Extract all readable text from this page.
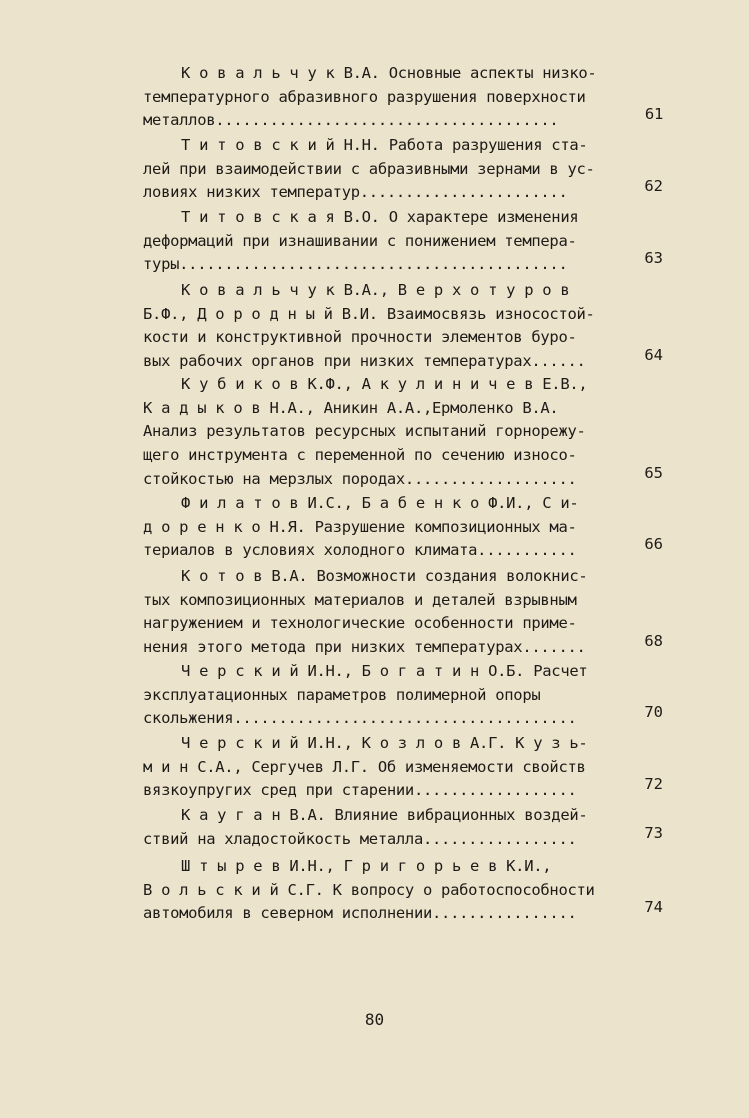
К о в а л ь ч у к В.А. Основные аспекты низко-
температурного абразивного разрушения поверхности
металлов......................................	61
Т и т о в с к и й Н.Н. Работа разрушения ста-
лей при взаимодействии с абразивными зернами в ус-
ловиях низких температур.......................	62
Т и т о в с к а я В.О. О характере изменения
деформаций при изнашивании с понижением темпера-
туры...........................................	63
К о в а л ь ч у к В.А., В е р х о т у р о в
Б.Ф., Д о р о д н ы й В.И. Взаимосвязь износостой-
кости и конструктивной прочности элементов буро-
вых рабочих органов при низких температурах......	64
К у б и к о в К.Ф., А к у л и н и ч е в Е.В.,
К а д ы к о в Н.А., Аникин А.А.,Ермоленко В.А.
Анализ результатов ресурсных испытаний горнорежу-
щего инструмента с переменной по сечению износо-
стойкостью на мерзлых породах...................	65
Ф и л а т о в И.С., Б а б е н к о Ф.И., С и-
д о р е н к о Н.Я. Разрушение композиционных ма-
териалов в условиях холодного климата...........	66
К о т о в В.А. Возможности создания волокнис-
тых композиционных материалов и деталей взрывным
нагружением и технологические особенности приме-
нения этого метода при низких температурах.......	68
Ч е р с к и й И.Н., Б о г а т и н О.Б. Расчет
эксплуатационных параметров полимерной опоры
скольжения......................................	70
Ч е р с к и й И.Н., К о з л о в А.Г. К у з ь-
м и н С.А., Сергучев Л.Г. Об изменяемости свойств
вязкоупругих сред при старении..................	72
К а у г а н В.А. Влияние вибрационных воздей-
ствий на хладостойкость металла.................	73
Ш т ы р е в И.Н., Г р и г о р ь е в К.И.,
В о л ь с к и й С.Г. К вопросу о работоспособности
автомобиля в северном исполнении................	74
80
